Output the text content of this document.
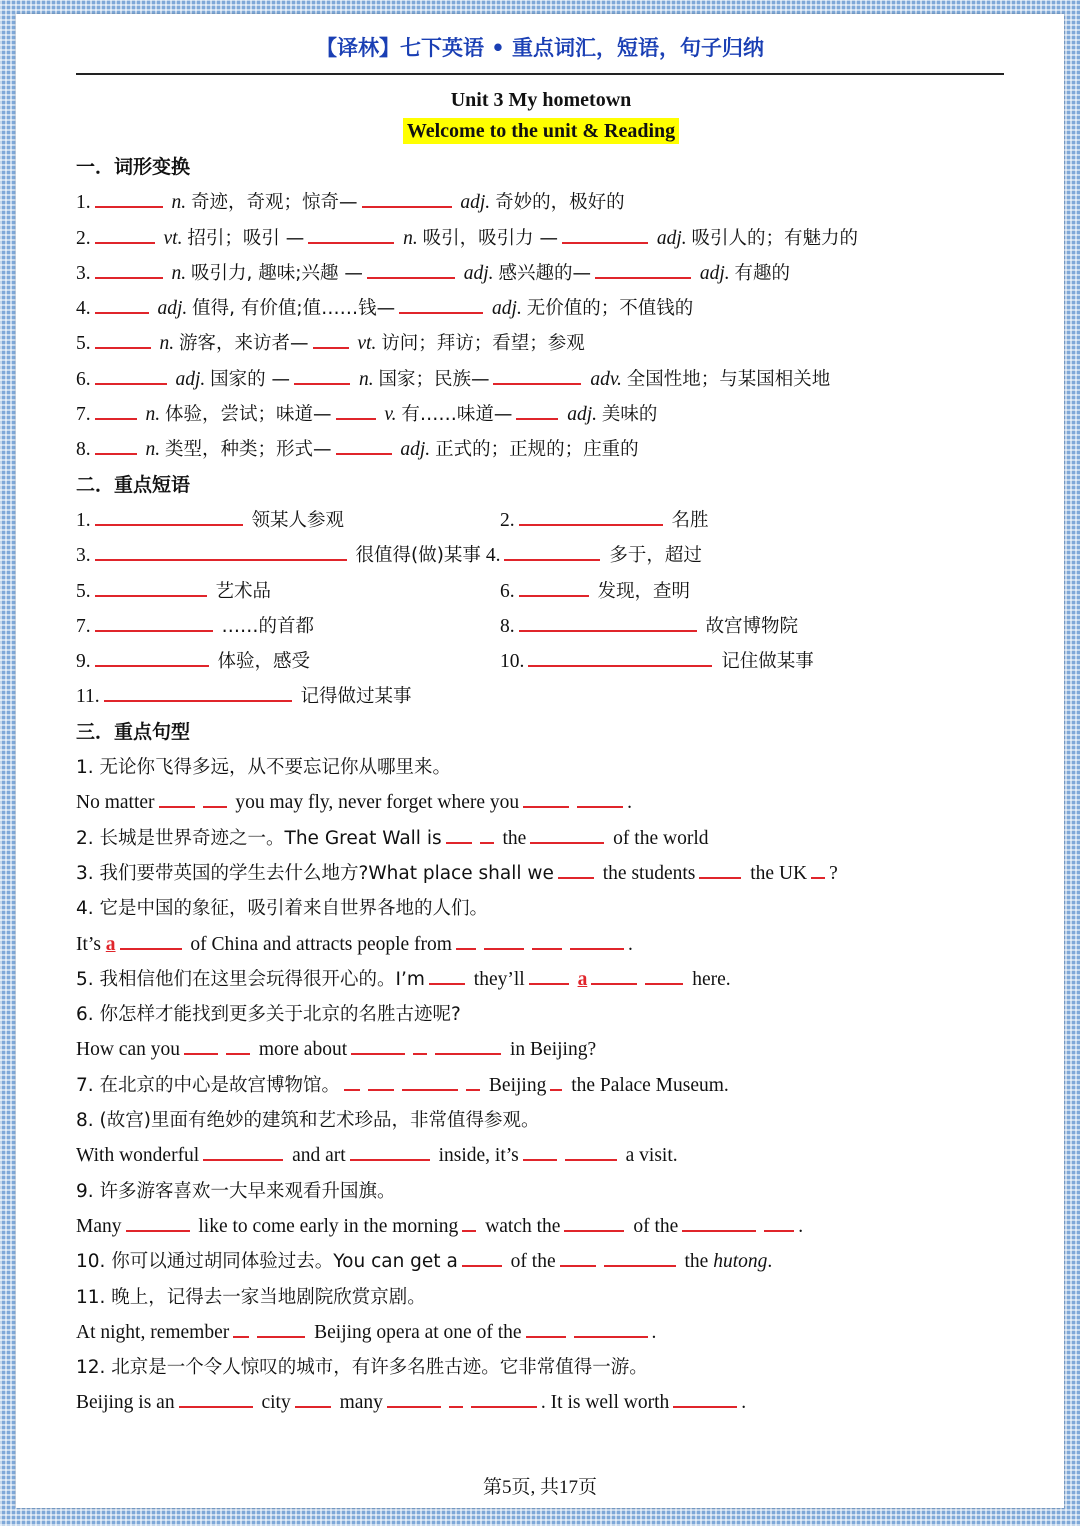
【译林】七下英语 • 重点词汇，短语，句子归纳
Unit 3 My hometown
Welcome to the unit & Reading
一．词形变换
1.	n. 奇迹，奇观；惊奇—	adj. 奇妙的，极好的
2.	vt. 招引；吸引 —	n. 吸引，吸引力 —	adj. 吸引人的；有魅力的
3.	n. 吸引力, 趣味;兴趣 —	adj. 感兴趣的—	adj. 有趣的
4.	adj. 值得, 有价值;值……钱—	adj. 无价值的；不值钱的
5.	n. 游客，来访者—	vt. 访问；拜访；看望；参观
6.	adj. 国家的 —	n. 国家；民族—	adv. 全国性地；与某国相关地
7.	n. 体验，尝试；味道—	v. 有……味道—	adj. 美味的
8.	n. 类型，种类；形式—	adj. 正式的；正规的；庄重的
二．重点短语
1.	领某人参观	2.	名胜
3.	很值得(做)某事 4.	多于，超过
5.	艺术品	6.	发现，查明
7.	……的首都	8.	故宫博物院
9.	体验，感受	10.	记住做某事
11.	记得做过某事
三．重点句型
1. 无论你飞得多远，从不要忘记你从哪里来。
No matter	you may fly, never forget where you	.
2. 长城是世界奇迹之一。The Great Wall is	the	of the world
3. 我们要带英国的学生去什么地方?What place shall we	the students	the UK ?
4. 它是中国的象征，吸引着来自世界各地的人们。
It’s a	of China and attracts people from	.
5. 我相信他们在这里会玩得很开心的。I’m	they’ll	a	here.
6. 你怎样才能找到更多关于北京的名胜古迹呢?
How can you	more about	in Beijing?
7. 在北京的中心是故宫博物馆。	Beijing the Palace Museum.
8. (故宫)里面有绝妙的建筑和艺术珍品，非常值得参观。
With wonderful	and art	inside, it’s	a visit.
9. 许多游客喜欢一大早来观看升国旗。
Many	like to come early in the morning watch the	of the	.
10. 你可以通过胡同体验过去。You can get a	of the	the hutong.
11. 晚上，记得去一家当地剧院欣赏京剧。
At night, remember	Beijing opera at one of the	.
12. 北京是一个令人惊叹的城市，有许多名胜古迹。它非常值得一游。
Beijing is an	city	many	. It is well worth	.
第5页, 共17页
